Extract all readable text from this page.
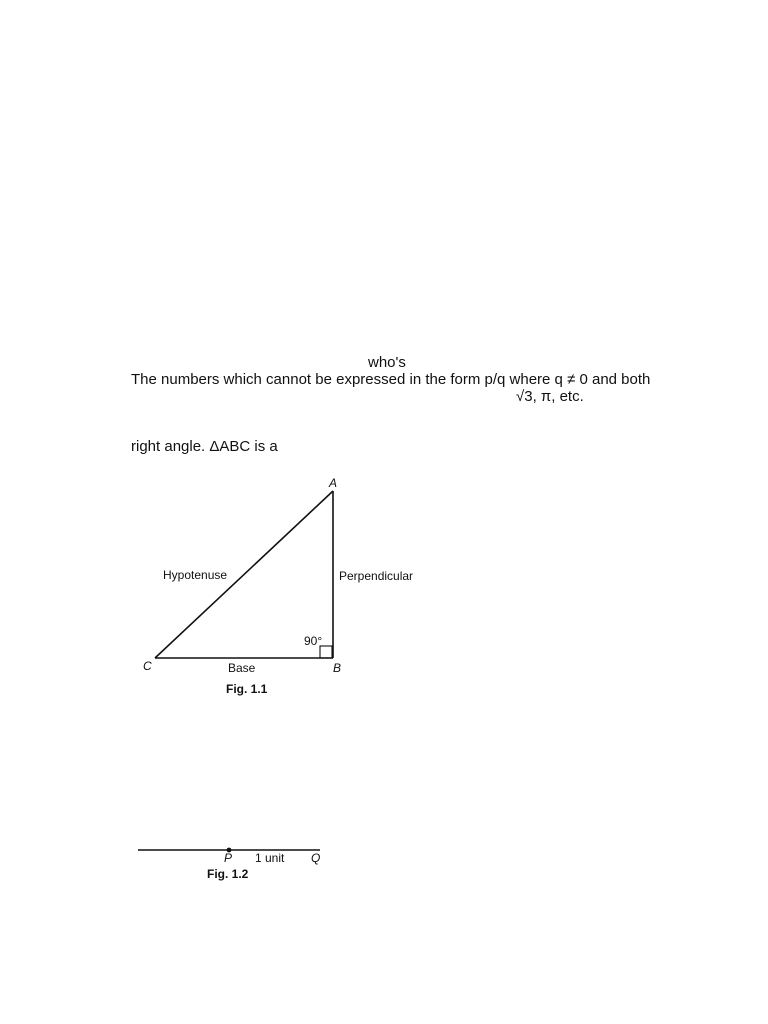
who's
The numbers which cannot be expressed in the form p/q where q ≠ 0 and both
√3, π, etc.
right angle. ΔABC is a
A
B
C
Hypotenuse	Perpendicular
Base
90°
Fig. 1.1
P 1 unit Q
Fig. 1.2
